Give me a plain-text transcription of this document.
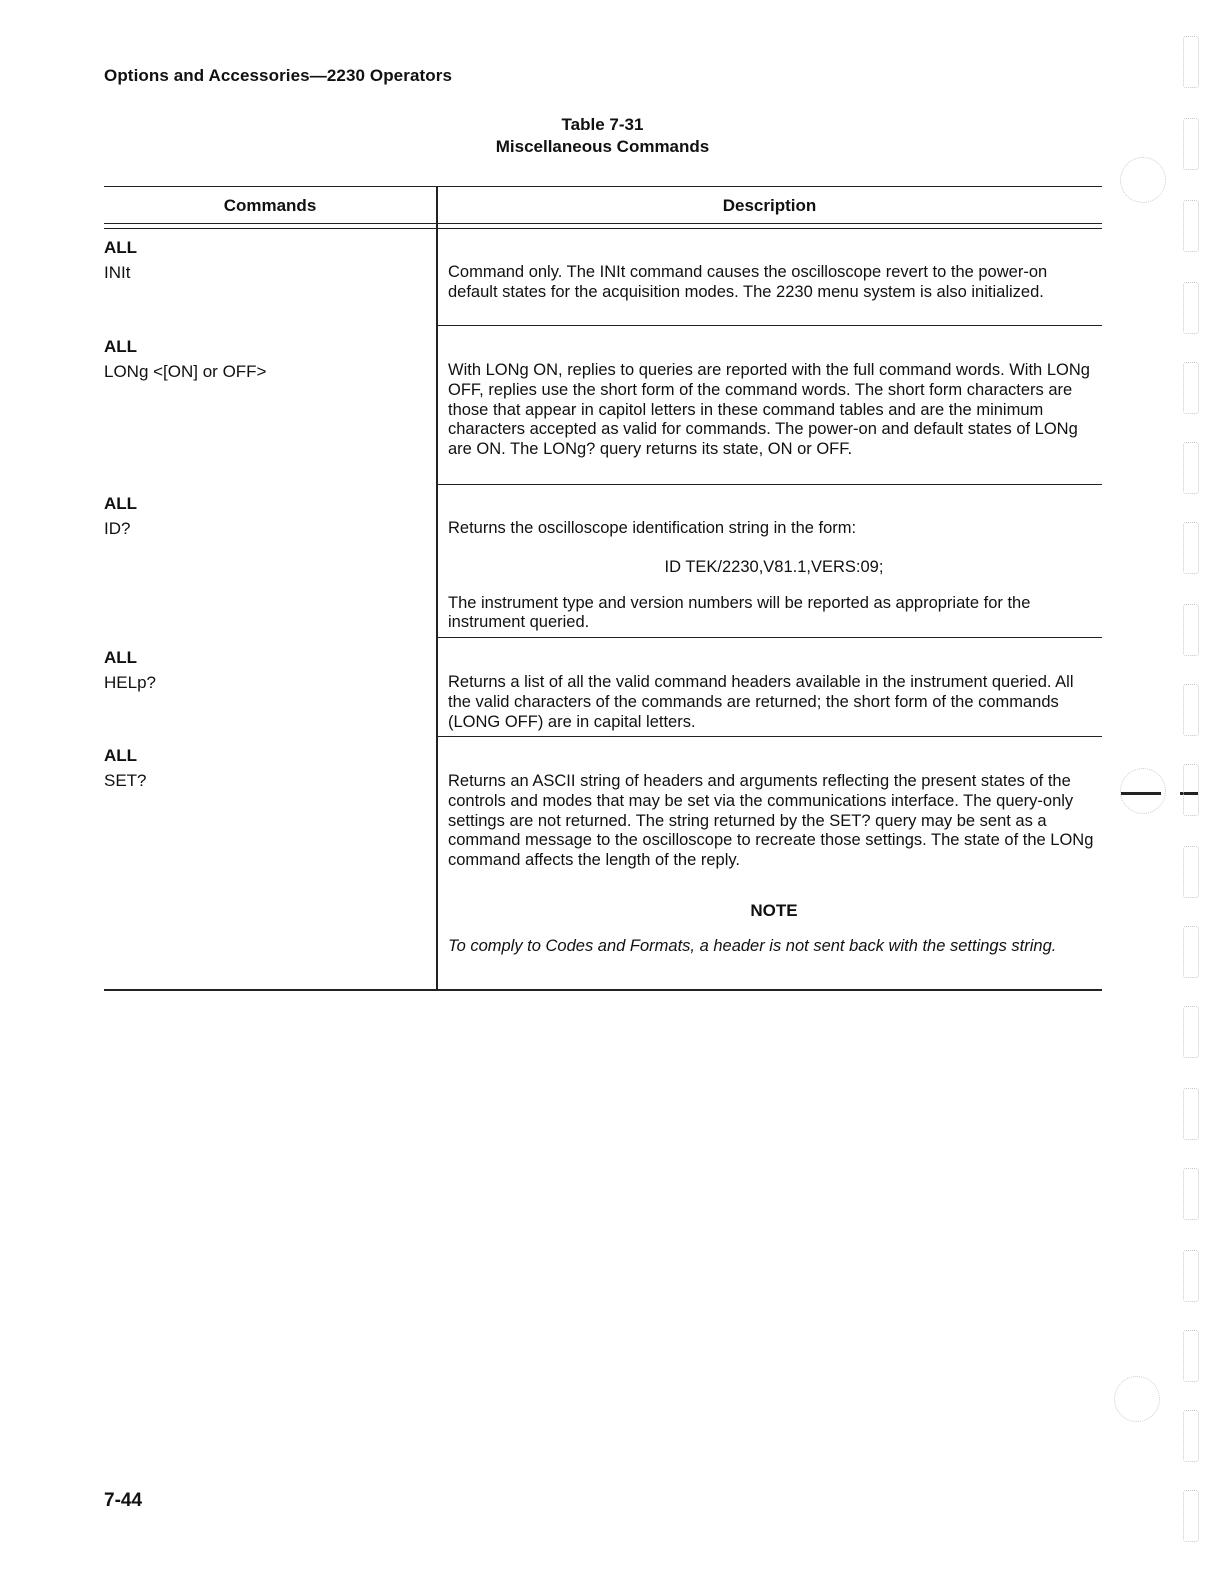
Options and Accessories—2230 Operators
Table 7-31
Miscellaneous Commands
Commands	Description
ALL
INIt	Command only. The INIt command causes the oscilloscope revert to the power-on default states for the acquisition modes. The 2230 menu system is also initialized.

ALL
LONg <[ON] or OFF>	With LONg ON, replies to queries are reported with the full command words. With LONg OFF, replies use the short form of the command words. The short form characters are those that appear in capitol letters in these command tables and are the minimum characters accepted as valid for commands. The power-on and default states of LONg are ON. The LONg? query returns its state, ON or OFF.

ALL
ID?	Returns the oscilloscope identification string in the form:

ID TEK/2230,V81.1,VERS:09;

The instrument type and version numbers will be reported as appropriate for the instrument queried.

ALL
HELp?	Returns a list of all the valid command headers available in the instrument queried. All the valid characters of the commands are returned; the short form of the commands (LONG OFF) are in capital letters.

ALL
SET?	Returns an ASCII string of headers and arguments reflecting the present states of the controls and modes that may be set via the communications interface. The query-only settings are not returned. The string returned by the SET? query may be sent as a command message to the oscilloscope to recreate those settings. The state of the LONg command affects the length of the reply.

NOTE

To comply to Codes and Formats, a header is not sent back with the settings string.

7-44
